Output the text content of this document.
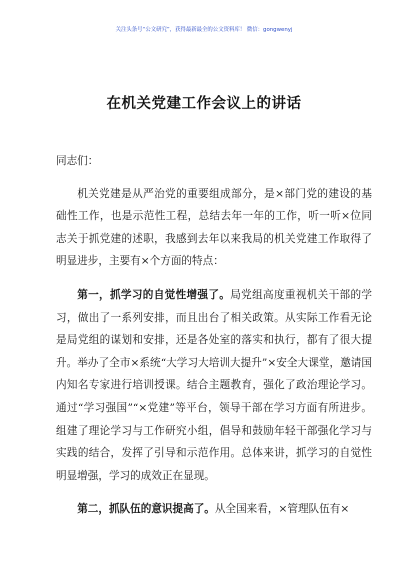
关注头条号“公文研究”，获得最新最全的公文资料库！ 微信：gongwenyj
在机关党建工作会议上的讲话

同志们：

机关党建是从严治党的重要组成部分，是×部门党的建设的基础性工作，也是示范性工程，总结去年一年的工作，听一听×位同志关于抓党建的述职，我感到去年以来我局的机关党建工作取得了明显进步，主要有×个方面的特点：

第一，抓学习的自觉性增强了。局党组高度重视机关干部的学习，做出了一系列安排，而且出台了相关政策。从实际工作看无论是局党组的谋划和安排，还是各处室的落实和执行，都有了很大提升。举办了全市×系统“大学习大培训大提升”×安全大课堂，邀请国内知名专家进行培训授课。结合主题教育，强化了政治理论学习。通过“学习强国”“×党建”等平台，领导干部在学习方面有所进步。组建了理论学习与工作研究小组，倡导和鼓励年轻干部强化学习与实践的结合，发挥了引导和示范作用。总体来讲，抓学习的自觉性明显增强，学习的成效正在显现。

第二，抓队伍的意识提高了。从全国来看，×管理队伍有×
